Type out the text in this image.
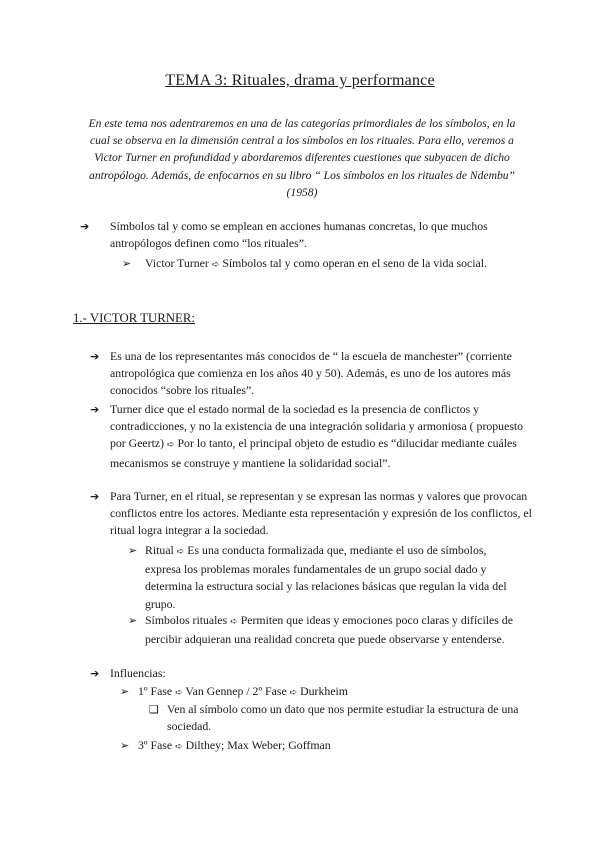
TEMA 3: Rituales, drama y performance
En este tema nos adentraremos en una de las categorías primordiales de los símbolos, en la cual se observa en la dimensión central a los símbolos en los rituales. Para ello, veremos a Victor Turner en profundidad y abordaremos diferentes cuestiones que subyacen de dicho antropólogo. Además, de enfocarnos en su libro “ Los símbolos en los rituales de Ndembu” (1958)
➔ Símbolos tal y como se emplean en acciones humanas concretas, lo que muchos antropólogos definen como “los rituales”.
➢ Victor Turner ➪ Símbolos tal y como operan en el seno de la vida social.
1.- VICTOR TURNER:
➔ Es una de los representantes más conocidos de “ la escuela de manchester” (corriente antropológica que comienza en los años 40 y 50). Además, es uno de los autores más conocidos “sobre los rituales”.
➔ Turner dice que el estado normal de la sociedad es la presencia de conflictos y contradicciones, y no la existencia de una integración solidaria y armoniosa ( propuesto por Geertz) ➪ Por lo tanto, el principal objeto de estudio es “dilucidar mediante cuáles mecanismos se construye y mantiene la solidaridad social”.
➔ Para Turner, en el ritual, se representan y se expresan las normas y valores que provocan conflictos entre los actores. Mediante esta representación y expresión de los conflictos, el ritual logra integrar a la sociedad.
➢ Ritual ➪ Es una conducta formalizada que, mediante el uso de símbolos, expresa los problemas morales fundamentales de un grupo social dado y determina la estructura social y las relaciones básicas que regulan la vida del grupo.
➢ Símbolos rituales ➪ Permiten que ideas y emociones poco claras y difíciles de percibir adquieran una realidad concreta que puede observarse y entenderse.
➔ Influencias:
➢ 1º Fase ➪ Van Gennep / 2º Fase ➪ Durkheim
❑ Ven al símbolo como un dato que nos permite estudiar la estructura de una sociedad.
➢ 3º Fase ➪ Dilthey; Max Weber; Goffman
